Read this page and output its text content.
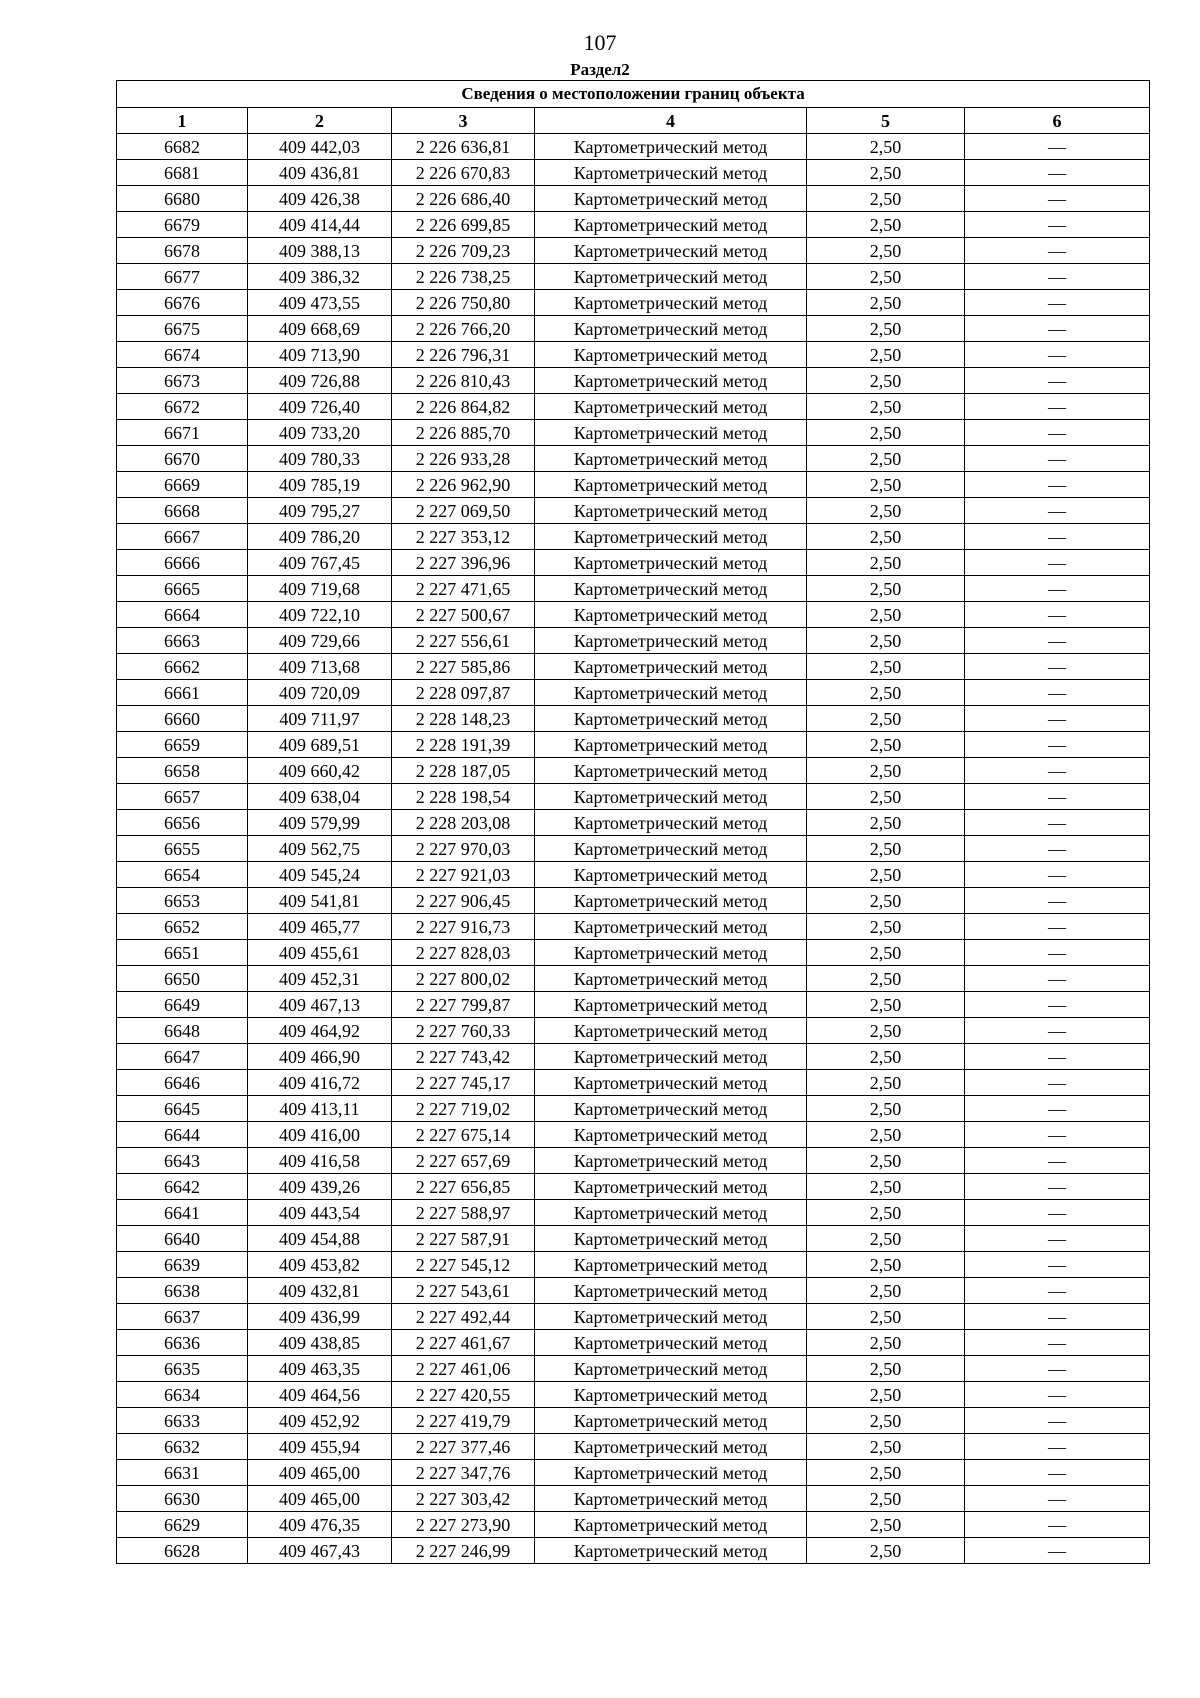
107
Раздел2
Сведения о местоположении границ объекта					
1	2	3	4	5	6
6682	409 442,03	2 226 636,81	Картометрический метод	2,50	—
6681	409 436,81	2 226 670,83	Картометрический метод	2,50	—
6680	409 426,38	2 226 686,40	Картометрический метод	2,50	—
6679	409 414,44	2 226 699,85	Картометрический метод	2,50	—
6678	409 388,13	2 226 709,23	Картометрический метод	2,50	—
6677	409 386,32	2 226 738,25	Картометрический метод	2,50	—
6676	409 473,55	2 226 750,80	Картометрический метод	2,50	—
6675	409 668,69	2 226 766,20	Картометрический метод	2,50	—
6674	409 713,90	2 226 796,31	Картометрический метод	2,50	—
6673	409 726,88	2 226 810,43	Картометрический метод	2,50	—
6672	409 726,40	2 226 864,82	Картометрический метод	2,50	—
6671	409 733,20	2 226 885,70	Картометрический метод	2,50	—
6670	409 780,33	2 226 933,28	Картометрический метод	2,50	—
6669	409 785,19	2 226 962,90	Картометрический метод	2,50	—
6668	409 795,27	2 227 069,50	Картометрический метод	2,50	—
6667	409 786,20	2 227 353,12	Картометрический метод	2,50	—
6666	409 767,45	2 227 396,96	Картометрический метод	2,50	—
6665	409 719,68	2 227 471,65	Картометрический метод	2,50	—
6664	409 722,10	2 227 500,67	Картометрический метод	2,50	—
6663	409 729,66	2 227 556,61	Картометрический метод	2,50	—
6662	409 713,68	2 227 585,86	Картометрический метод	2,50	—
6661	409 720,09	2 228 097,87	Картометрический метод	2,50	—
6660	409 711,97	2 228 148,23	Картометрический метод	2,50	—
6659	409 689,51	2 228 191,39	Картометрический метод	2,50	—
6658	409 660,42	2 228 187,05	Картометрический метод	2,50	—
6657	409 638,04	2 228 198,54	Картометрический метод	2,50	—
6656	409 579,99	2 228 203,08	Картометрический метод	2,50	—
6655	409 562,75	2 227 970,03	Картометрический метод	2,50	—
6654	409 545,24	2 227 921,03	Картометрический метод	2,50	—
6653	409 541,81	2 227 906,45	Картометрический метод	2,50	—
6652	409 465,77	2 227 916,73	Картометрический метод	2,50	—
6651	409 455,61	2 227 828,03	Картометрический метод	2,50	—
6650	409 452,31	2 227 800,02	Картометрический метод	2,50	—
6649	409 467,13	2 227 799,87	Картометрический метод	2,50	—
6648	409 464,92	2 227 760,33	Картометрический метод	2,50	—
6647	409 466,90	2 227 743,42	Картометрический метод	2,50	—
6646	409 416,72	2 227 745,17	Картометрический метод	2,50	—
6645	409 413,11	2 227 719,02	Картометрический метод	2,50	—
6644	409 416,00	2 227 675,14	Картометрический метод	2,50	—
6643	409 416,58	2 227 657,69	Картометрический метод	2,50	—
6642	409 439,26	2 227 656,85	Картометрический метод	2,50	—
6641	409 443,54	2 227 588,97	Картометрический метод	2,50	—
6640	409 454,88	2 227 587,91	Картометрический метод	2,50	—
6639	409 453,82	2 227 545,12	Картометрический метод	2,50	—
6638	409 432,81	2 227 543,61	Картометрический метод	2,50	—
6637	409 436,99	2 227 492,44	Картометрический метод	2,50	—
6636	409 438,85	2 227 461,67	Картометрический метод	2,50	—
6635	409 463,35	2 227 461,06	Картометрический метод	2,50	—
6634	409 464,56	2 227 420,55	Картометрический метод	2,50	—
6633	409 452,92	2 227 419,79	Картометрический метод	2,50	—
6632	409 455,94	2 227 377,46	Картометрический метод	2,50	—
6631	409 465,00	2 227 347,76	Картометрический метод	2,50	—
6630	409 465,00	2 227 303,42	Картометрический метод	2,50	—
6629	409 476,35	2 227 273,90	Картометрический метод	2,50	—
6628	409 467,43	2 227 246,99	Картометрический метод	2,50	—
